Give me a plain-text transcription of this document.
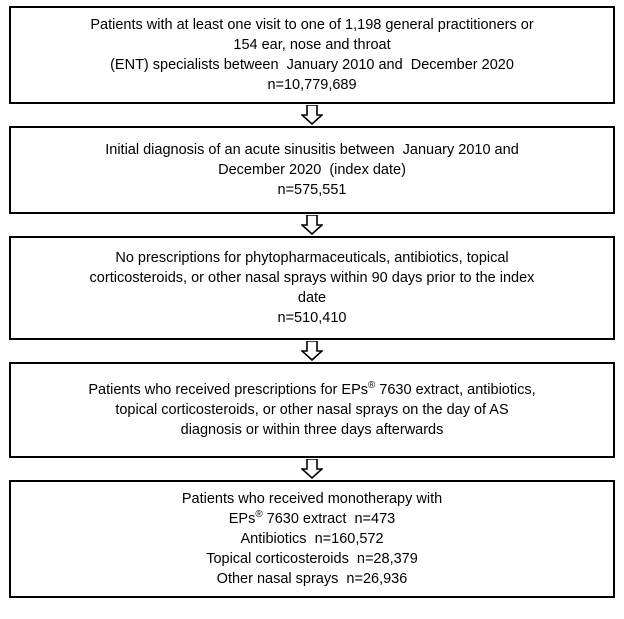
Patients with at least one visit to one of 1,198 general practitioners or
154 ear, nose and throat
(ENT) specialists between  January 2010 and  December 2020
n=10,779,689
Initial diagnosis of an acute sinusitis between  January 2010 and
December 2020  (index date)
n=575,551
No prescriptions for phytopharmaceuticals, antibiotics, topical
corticosteroids, or other nasal sprays within 90 days prior to the index
date
n=510,410
Patients who received prescriptions for EPs® 7630 extract, antibiotics,
topical corticosteroids, or other nasal sprays on the day of AS
diagnosis or within three days afterwards
Patients who received monotherapy with
EPs® 7630 extract  n=473
Antibiotics  n=160,572
Topical corticosteroids  n=28,379
Other nasal sprays  n=26,936
